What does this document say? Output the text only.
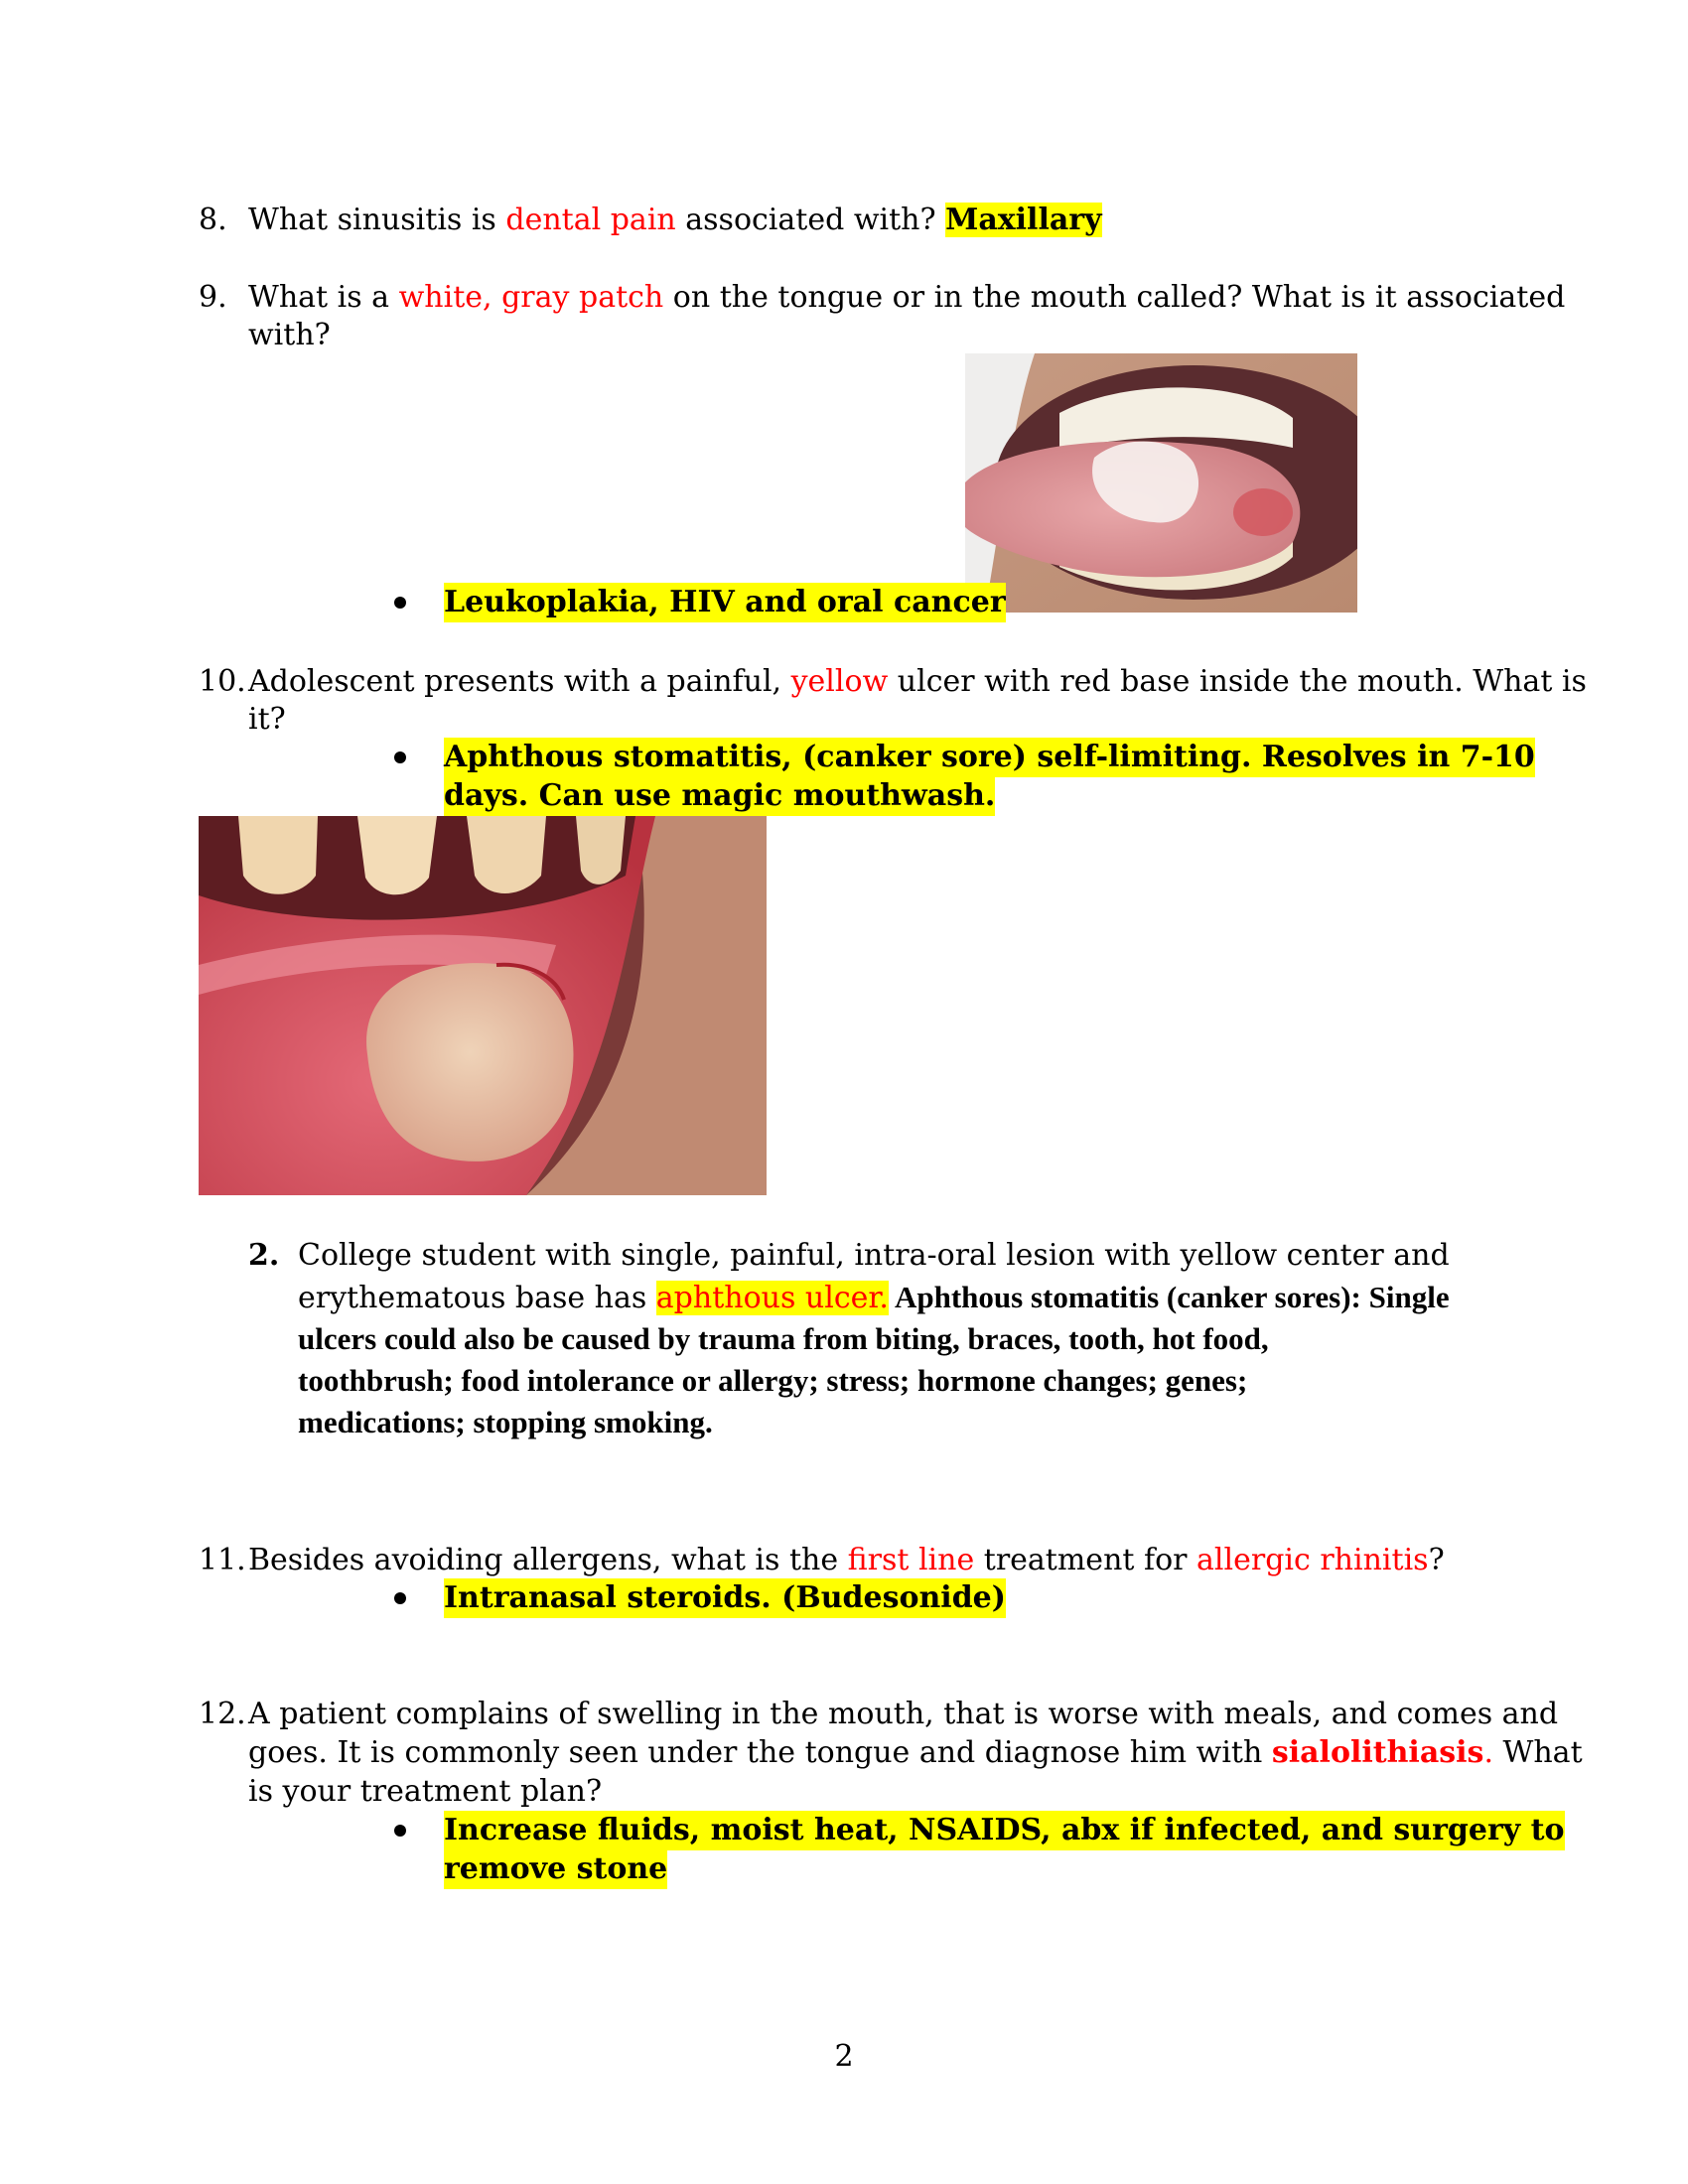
8. What sinusitis is dental pain associated with? Maxillary
9. What is a white, gray patch on the tongue or in the mouth called? What is it associated
with?
Leukoplakia, HIV and oral cancer
10. Adolescent presents with a painful, yellow ulcer with red base inside the mouth. What is
it?
Aphthous stomatitis, (canker sore) self-limiting. Resolves in 7-10
days. Can use magic mouthwash.
2. College student with single, painful, intra-oral lesion with yellow center and
erythematous base has aphthous ulcer. Aphthous stomatitis (canker sores): Single
ulcers could also be caused by trauma from biting, braces, tooth, hot food,
toothbrush; food intolerance or allergy; stress; hormone changes; genes;
medications; stopping smoking.
11. Besides avoiding allergens, what is the first line treatment for allergic rhinitis?
Intranasal steroids. (Budesonide)
12. A patient complains of swelling in the mouth, that is worse with meals, and comes and
goes. It is commonly seen under the tongue and diagnose him with sialolithiasis. What
is your treatment plan?
Increase fluids, moist heat, NSAIDS, abx if infected, and surgery to
remove stone
2
